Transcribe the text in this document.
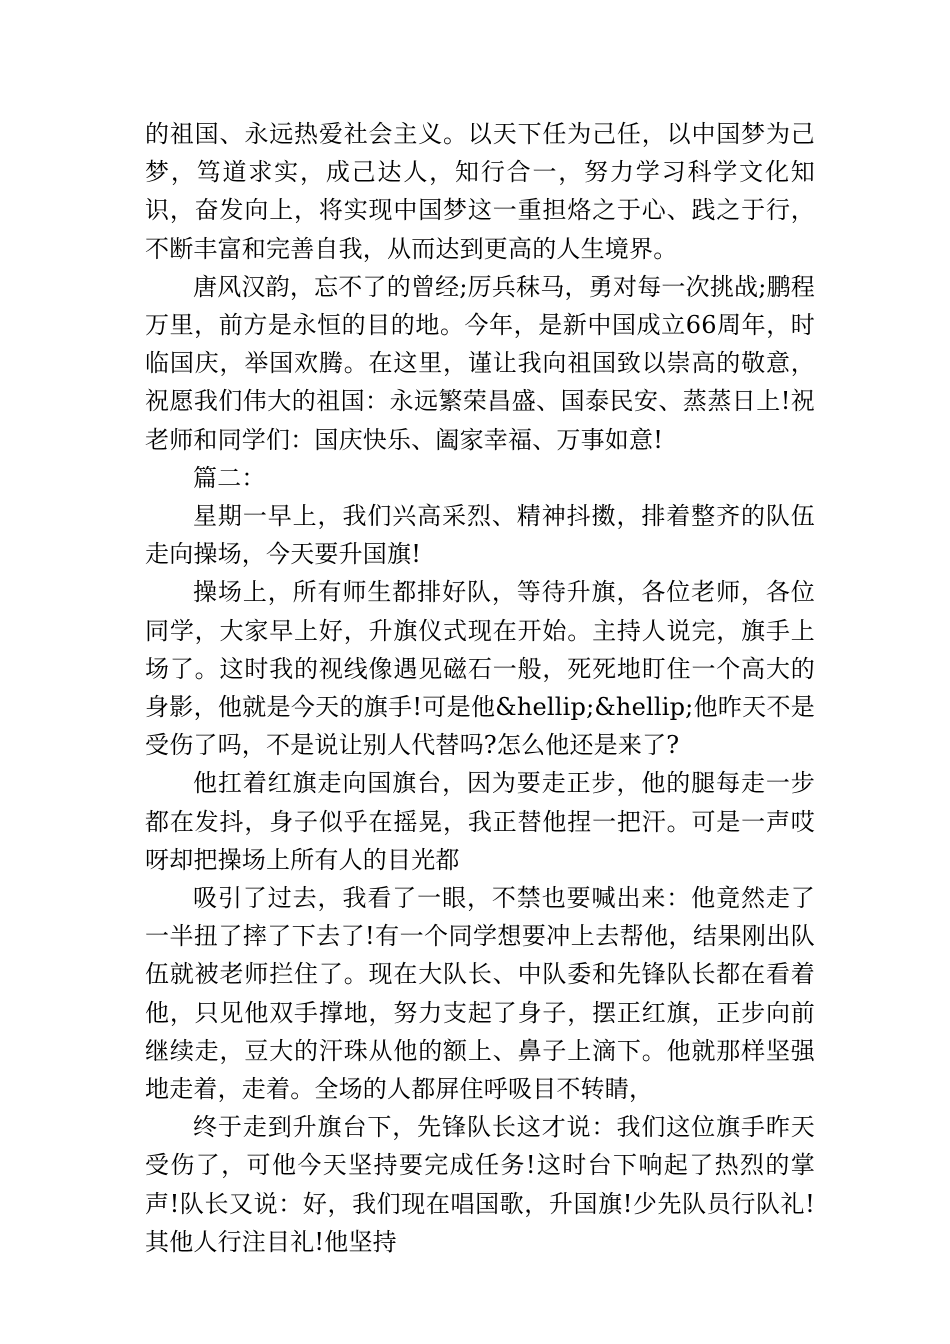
的祖国、永远热爱社会主义。以天下任为己任，以中国梦为己梦，笃道求实，成己达人，知行合一，努力学习科学文化知识，奋发向上，将实现中国梦这一重担烙之于心、践之于行，不断丰富和完善自我，从而达到更高的人生境界。

唐风汉韵，忘不了的曾经;厉兵秣马，勇对每一次挑战;鹏程万里，前方是永恒的目的地。今年，是新中国成立66周年，时临国庆，举国欢腾。在这里，谨让我向祖国致以崇高的敬意，祝愿我们伟大的祖国：永远繁荣昌盛、国泰民安、蒸蒸日上!祝老师和同学们：国庆快乐、阖家幸福、万事如意!

篇二：

星期一早上，我们兴高采烈、精神抖擞，排着整齐的队伍走向操场，今天要升国旗!

操场上，所有师生都排好队，等待升旗，各位老师，各位同学，大家早上好，升旗仪式现在开始。主持人说完，旗手上场了。这时我的视线像遇见磁石一般，死死地盯住一个高大的身影，他就是今天的旗手!可是他&hellip;&hellip;他昨天不是受伤了吗，不是说让别人代替吗?怎么他还是来了?

他扛着红旗走向国旗台，因为要走正步，他的腿每走一步都在发抖，身子似乎在摇晃，我正替他捏一把汗。可是一声哎呀却把操场上所有人的目光都

吸引了过去，我看了一眼，不禁也要喊出来：他竟然走了一半扭了摔了下去了!有一个同学想要冲上去帮他，结果刚出队伍就被老师拦住了。现在大队长、中队委和先锋队长都在看着他，只见他双手撑地，努力支起了身子，摆正红旗，正步向前继续走，豆大的汗珠从他的额上、鼻子上滴下。他就那样坚强地走着，走着。全场的人都屏住呼吸目不转睛，

终于走到升旗台下，先锋队长这才说：我们这位旗手昨天受伤了，可他今天坚持要完成任务!这时台下响起了热烈的掌声!队长又说：好，我们现在唱国歌，升国旗!少先队员行队礼!其他人行注目礼!他坚持
